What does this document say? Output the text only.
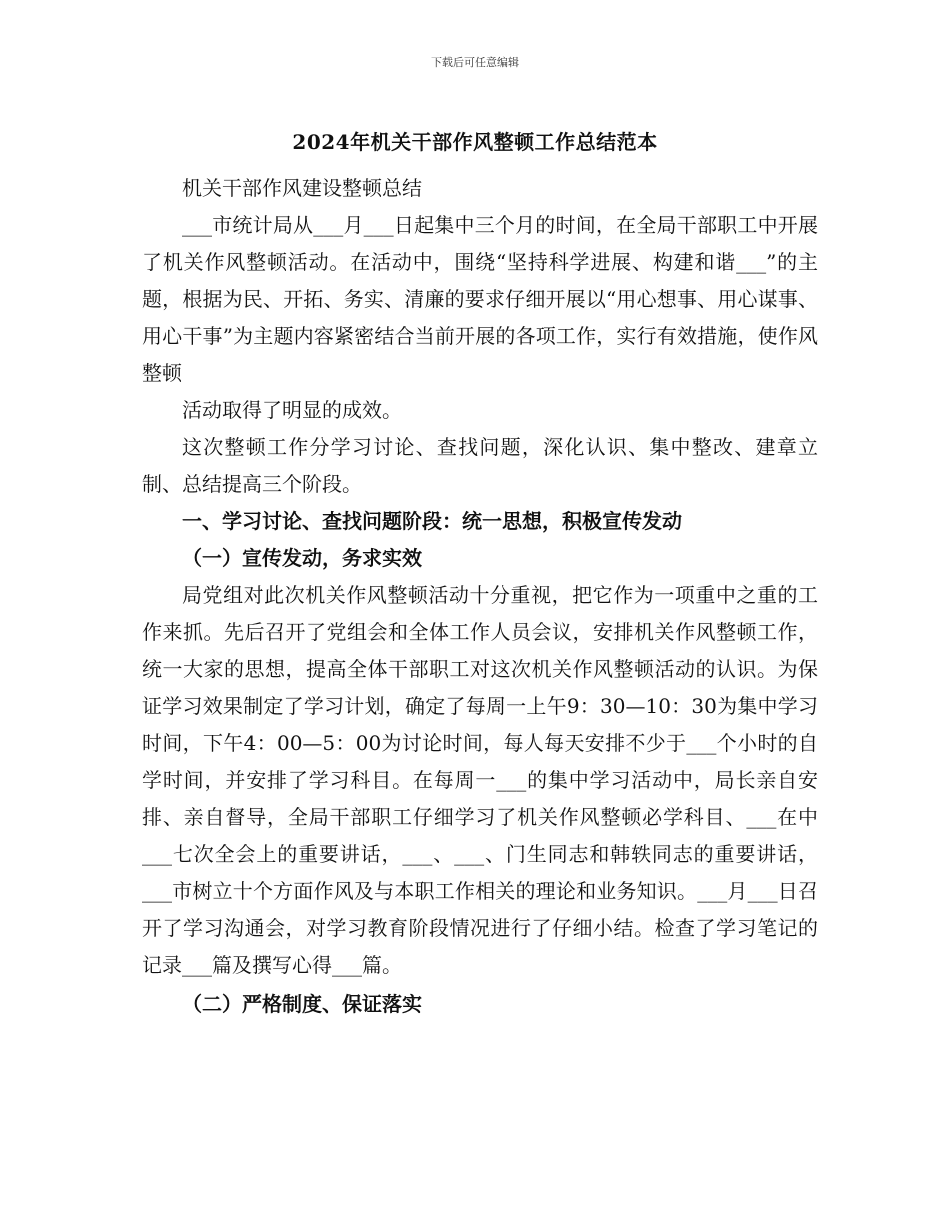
下载后可任意编辑
2024年机关干部作风整顿工作总结范本

机关干部作风建设整顿总结

___市统计局从___月___日起集中三个月的时间，在全局干部职工中开展了机关作风整顿活动。在活动中，围绕“坚持科学进展、构建和谐___”的主题，根据为民、开拓、务实、清廉的要求仔细开展以“用心想事、用心谋事、用心干事”为主题内容紧密结合当前开展的各项工作，实行有效措施，使作风整顿

活动取得了明显的成效。

这次整顿工作分学习讨论、查找问题，深化认识、集中整改、建章立制、总结提高三个阶段。

一、学习讨论、查找问题阶段：统一思想，积极宣传发动

（一）宣传发动，务求实效

局党组对此次机关作风整顿活动十分重视，把它作为一项重中之重的工作来抓。先后召开了党组会和全体工作人员会议，安排机关作风整顿工作，统一大家的思想，提高全体干部职工对这次机关作风整顿活动的认识。为保证学习效果制定了学习计划，确定了每周一上午9：30—10：30为集中学习时间，下午4：00—5：00为讨论时间，每人每天安排不少于___个小时的自学时间，并安排了学习科目。在每周一___的集中学习活动中，局长亲自安排、亲自督导，全局干部职工仔细学习了机关作风整顿必学科目、___在中___七次全会上的重要讲话，___、___、门生同志和韩轶同志的重要讲话，___市树立十个方面作风及与本职工作相关的理论和业务知识。___月___日召开了学习沟通会，对学习教育阶段情况进行了仔细小结。检查了学习笔记的记录___篇及撰写心得___篇。

（二）严格制度、保证落实
